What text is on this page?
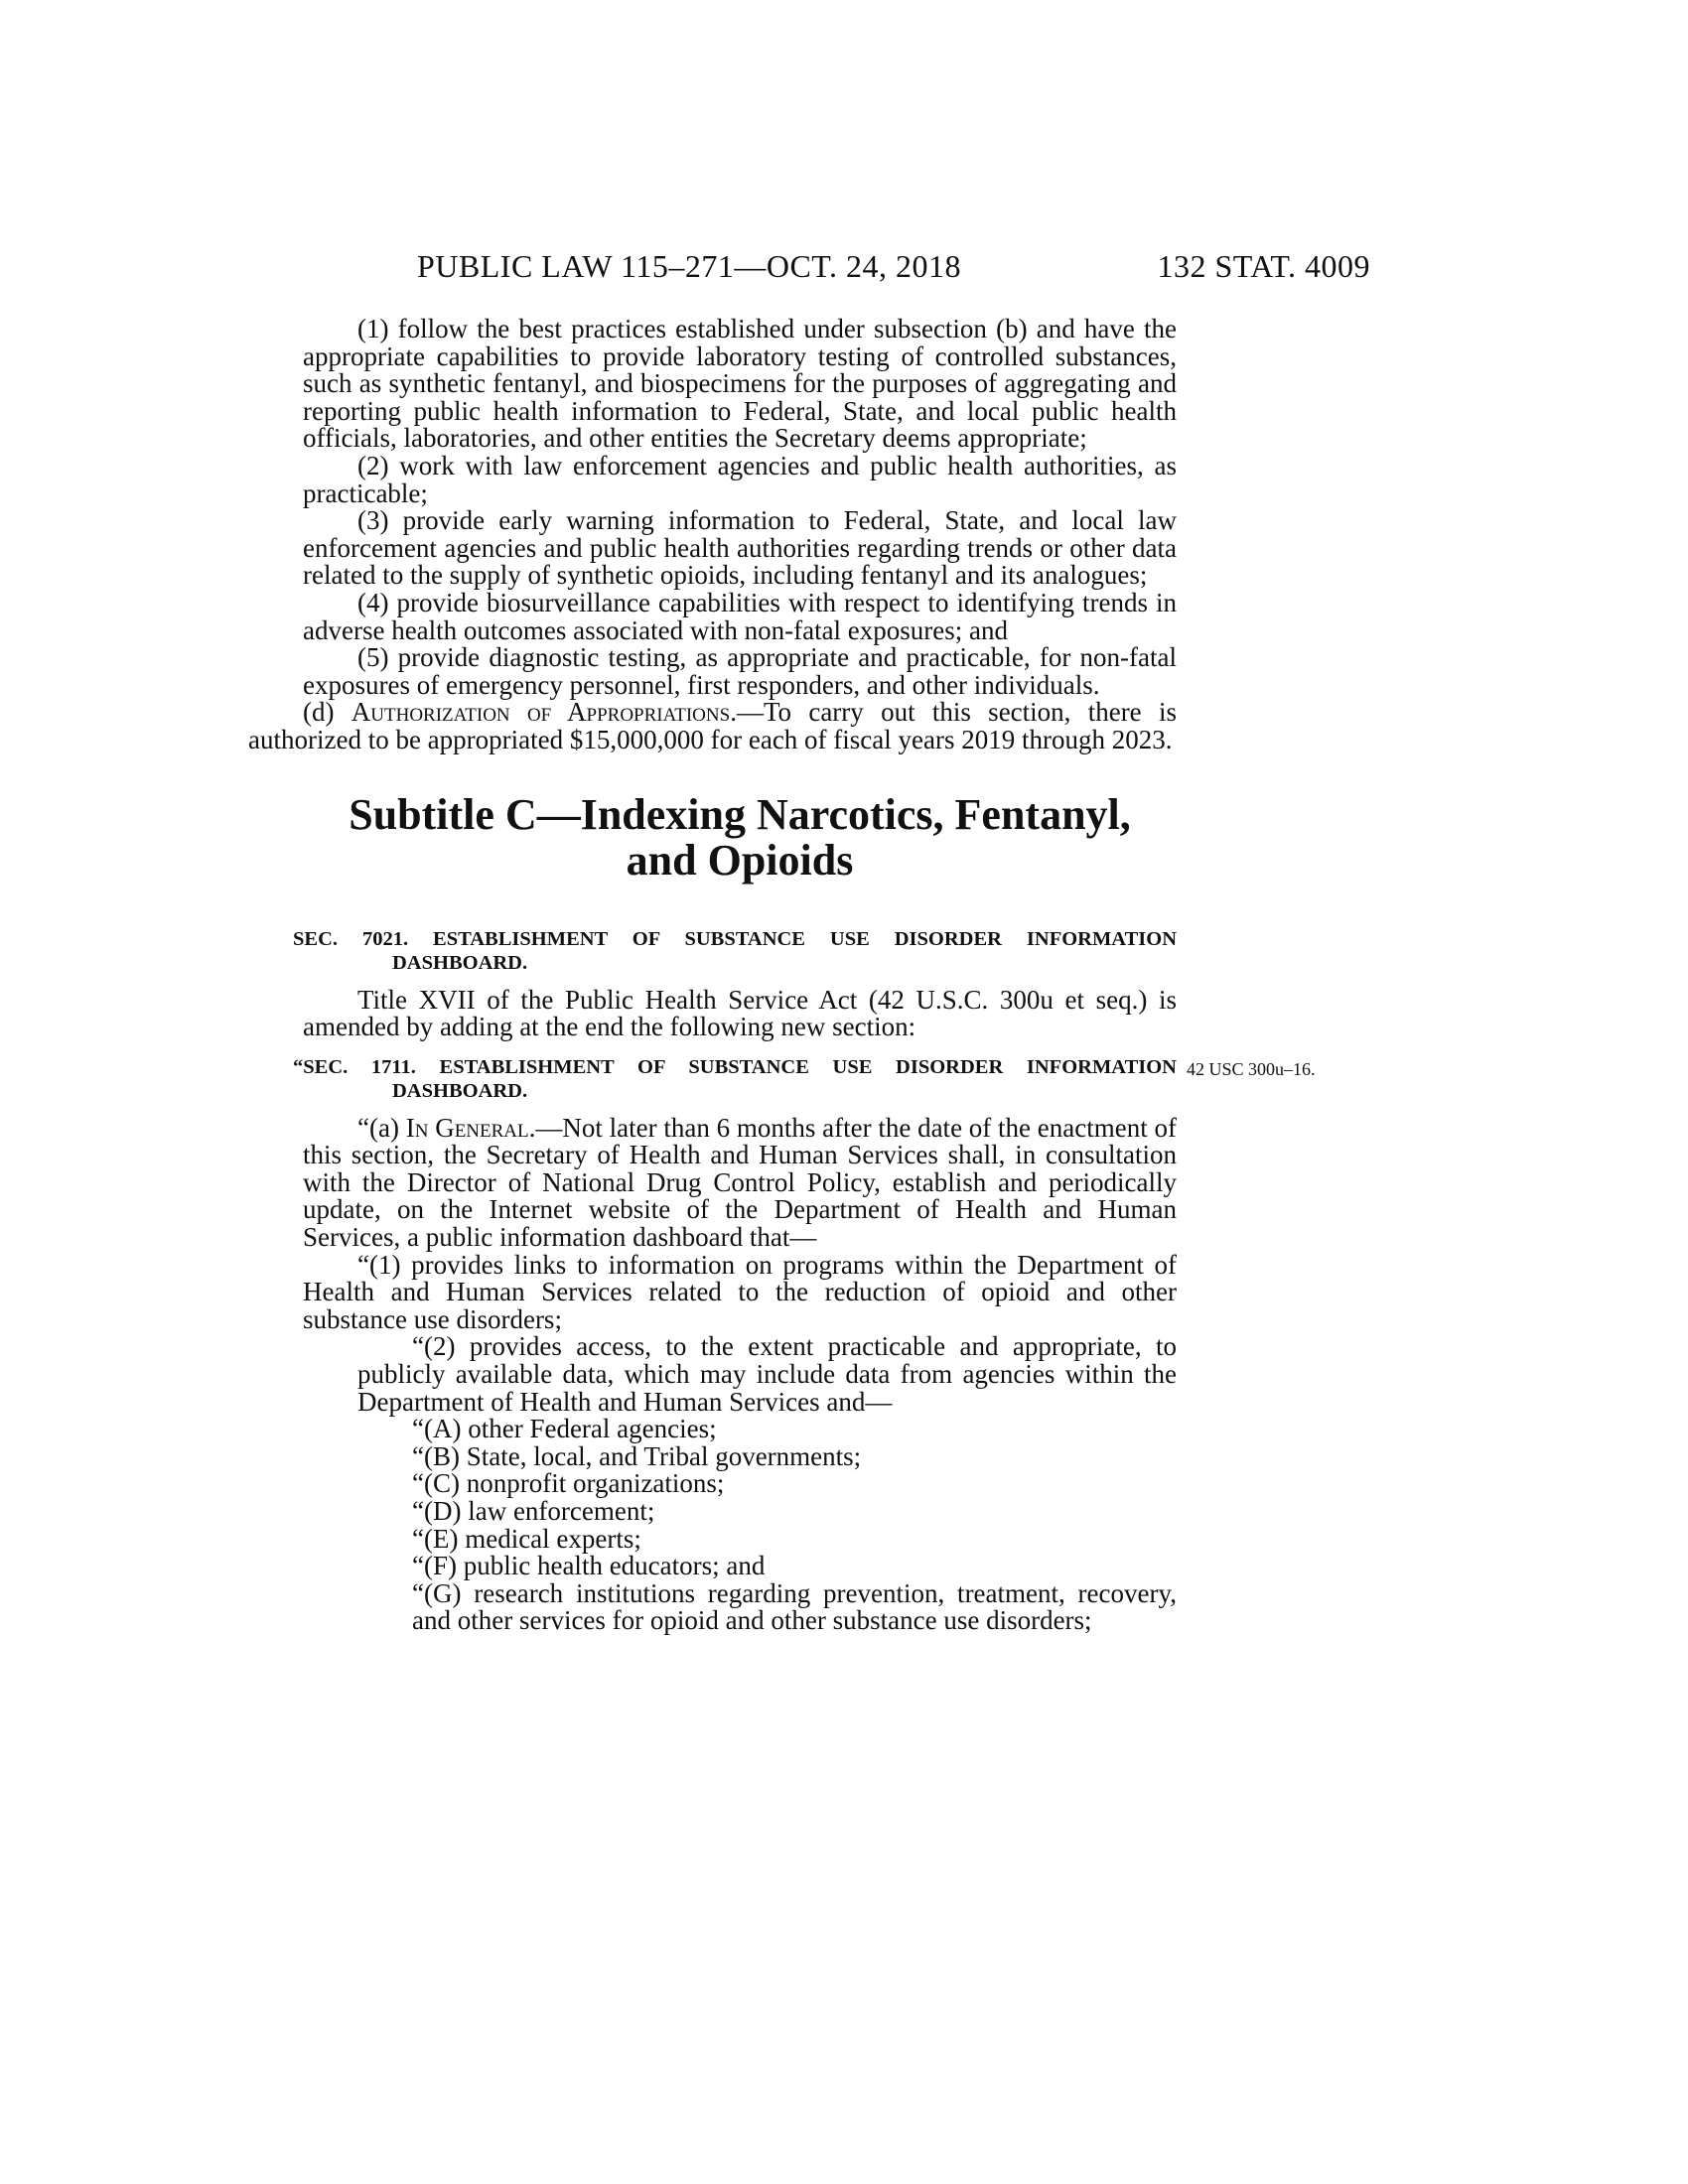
PUBLIC LAW 115–271—OCT. 24, 2018	132 STAT. 4009

(1) follow the best practices established under subsection (b) and have the appropriate capabilities to provide laboratory testing of controlled substances, such as synthetic fentanyl, and biospecimens for the purposes of aggregating and reporting public health information to Federal, State, and local public health officials, laboratories, and other entities the Secretary deems appropriate;

(2) work with law enforcement agencies and public health authorities, as practicable;

(3) provide early warning information to Federal, State, and local law enforcement agencies and public health authorities regarding trends or other data related to the supply of synthetic opioids, including fentanyl and its analogues;

(4) provide biosurveillance capabilities with respect to identifying trends in adverse health outcomes associated with non-fatal exposures; and

(5) provide diagnostic testing, as appropriate and practicable, for non-fatal exposures of emergency personnel, first responders, and other individuals.

(d) Authorization of Appropriations.—To carry out this section, there is authorized to be appropriated $15,000,000 for each of fiscal years 2019 through 2023.

Subtitle C—Indexing Narcotics, Fentanyl,
and Opioids

SEC. 7021. ESTABLISHMENT OF SUBSTANCE USE DISORDER INFORMATION DASHBOARD.

Title XVII of the Public Health Service Act (42 U.S.C. 300u et seq.) is amended by adding at the end the following new section:

“SEC. 1711. ESTABLISHMENT OF SUBSTANCE USE DISORDER INFORMATION DASHBOARD.
42 USC 300u–16.

“(a) In General.—Not later than 6 months after the date of the enactment of this section, the Secretary of Health and Human Services shall, in consultation with the Director of National Drug Control Policy, establish and periodically update, on the Internet website of the Department of Health and Human Services, a public information dashboard that—

“(1) provides links to information on programs within the Department of Health and Human Services related to the reduction of opioid and other substance use disorders;

“(2) provides access, to the extent practicable and appropriate, to publicly available data, which may include data from agencies within the Department of Health and Human Services and—

“(A) other Federal agencies;

“(B) State, local, and Tribal governments;

“(C) nonprofit organizations;

“(D) law enforcement;

“(E) medical experts;

“(F) public health educators; and

“(G) research institutions regarding prevention, treatment, recovery, and other services for opioid and other substance use disorders;
